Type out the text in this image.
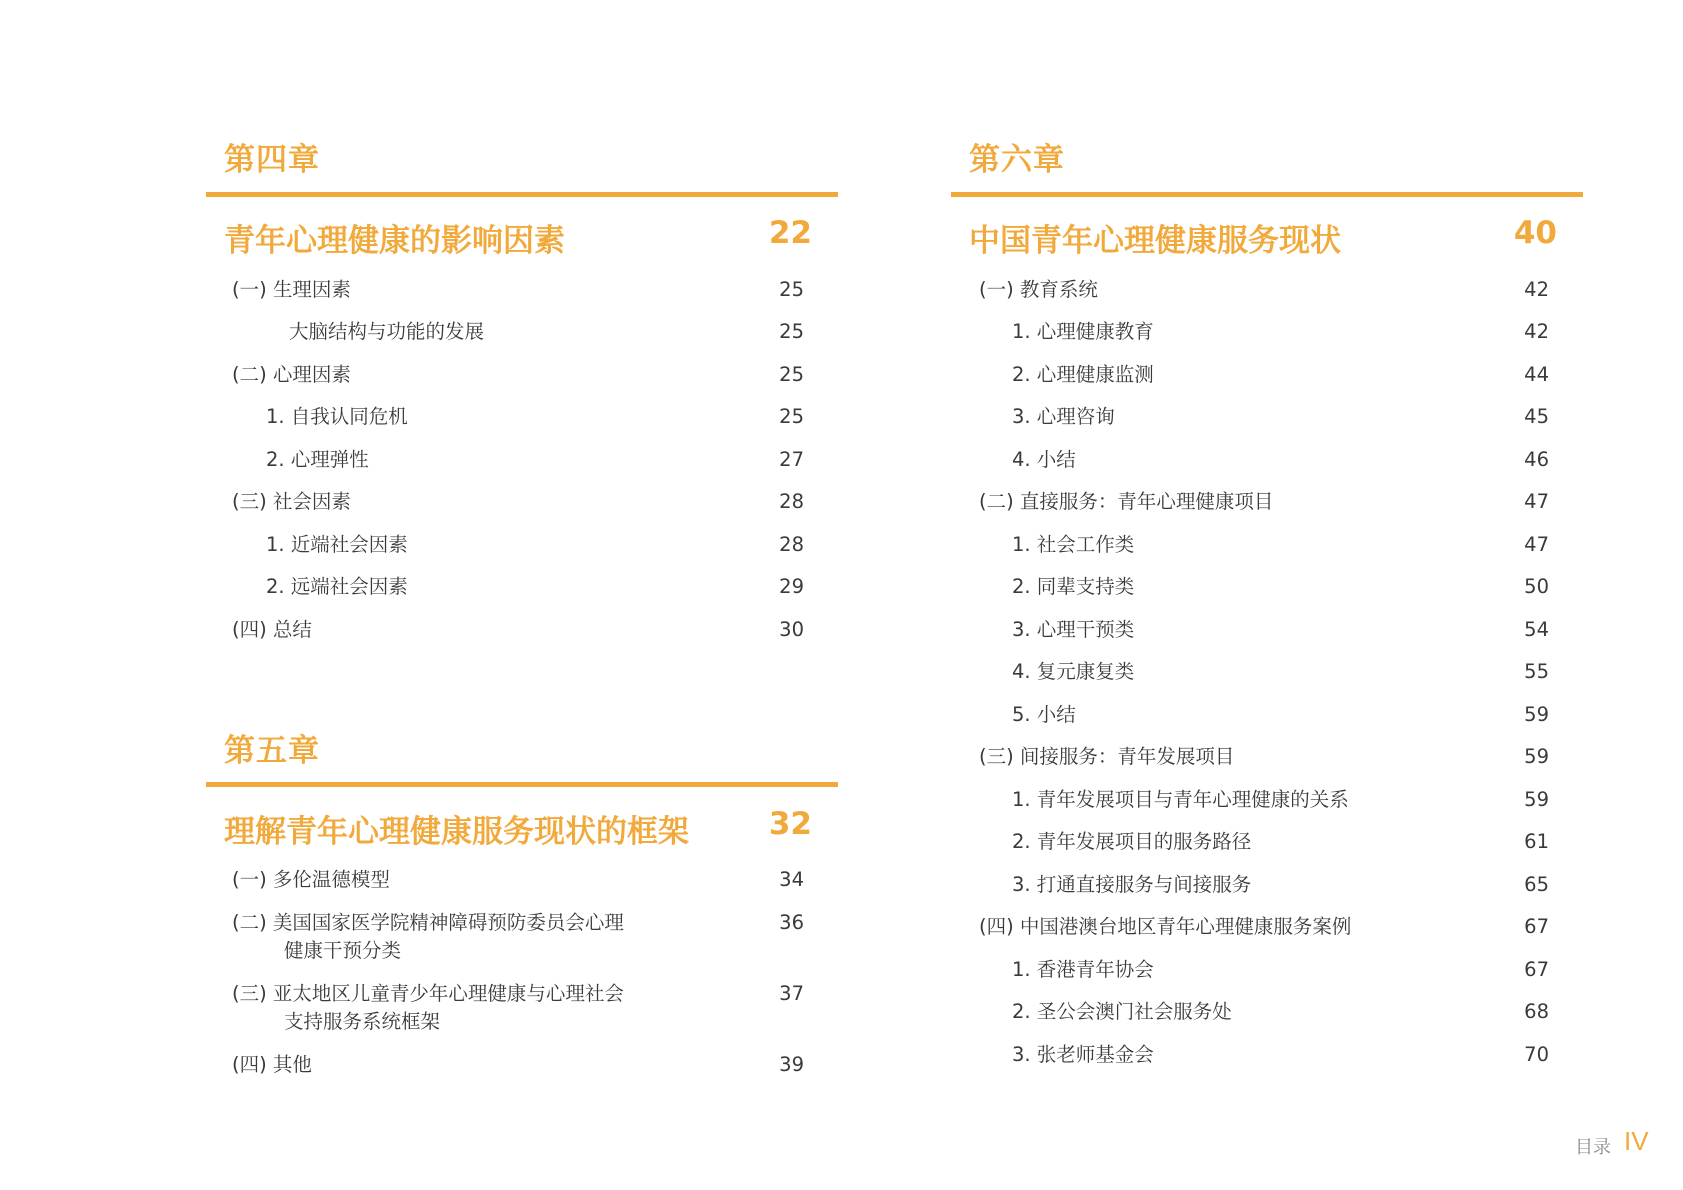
第四章
青年心理健康的影响因素	22
(一) 生理因素	25
大脑结构与功能的发展	25
(二) 心理因素	25
1. 自我认同危机	25
2. 心理弹性	27
(三) 社会因素	28
1. 近端社会因素	28
2. 远端社会因素	29
(四) 总结	30
第五章
理解青年心理健康服务现状的框架	32
(一) 多伦温德模型	34
(二) 美国国家医学院精神障碍预防委员会心理
健康干预分类
36
(三) 亚太地区儿童青少年心理健康与心理社会
支持服务系统框架
37
(四) 其他	39
第六章
中国青年心理健康服务现状	40
(一) 教育系统	42
1. 心理健康教育	42
2. 心理健康监测	44
3. 心理咨询	45
4. 小结	46
(二) 直接服务：青年心理健康项目	47
1. 社会工作类	47
2. 同辈支持类	50
3. 心理干预类	54
4. 复元康复类	55
5. 小结	59
(三) 间接服务：青年发展项目	59
1. 青年发展项目与青年心理健康的关系	59
2. 青年发展项目的服务路径	61
3. 打通直接服务与间接服务	65
(四) 中国港澳台地区青年心理健康服务案例	67
1. 香港青年协会	67
2. 圣公会澳门社会服务处	68
3. 张老师基金会	70
目录 IV
